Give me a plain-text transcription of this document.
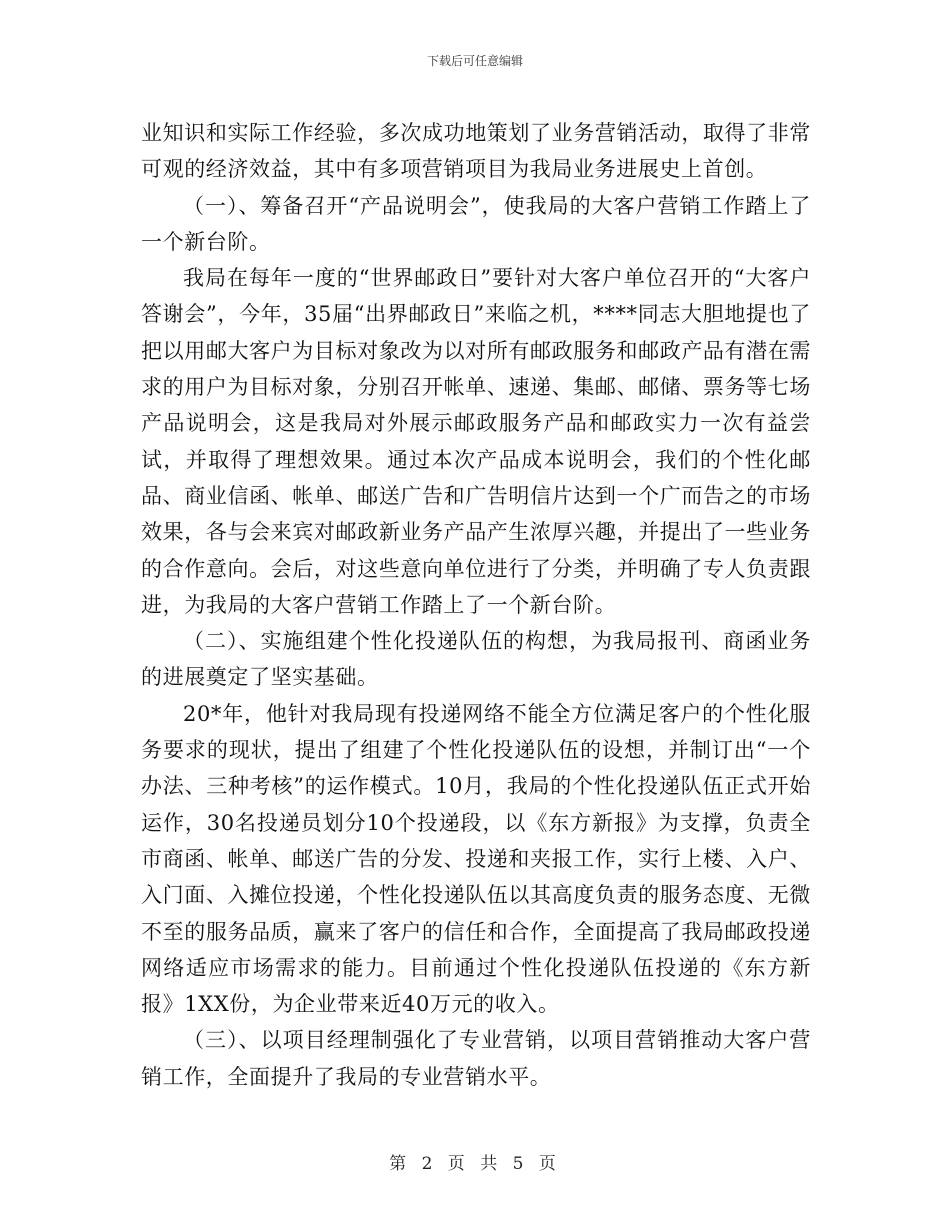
下载后可任意编辑

业知识和实际工作经验，多次成功地策划了业务营销活动，取得了非常可观的经济效益，其中有多项营销项目为我局业务进展史上首创。

（一）、筹备召开“产品说明会”，使我局的大客户营销工作踏上了一个新台阶。

我局在每年一度的“世界邮政日”要针对大客户单位召开的“大客户答谢会”，今年，35届“出界邮政日”来临之机，****同志大胆地提也了把以用邮大客户为目标对象改为以对所有邮政服务和邮政产品有潜在需求的用户为目标对象，分别召开帐单、速递、集邮、邮储、票务等七场产品说明会，这是我局对外展示邮政服务产品和邮政实力一次有益尝试，并取得了理想效果。通过本次产品成本说明会，我们的个性化邮品、商业信函、帐单、邮送广告和广告明信片达到一个广而告之的市场效果，各与会来宾对邮政新业务产品产生浓厚兴趣，并提出了一些业务的合作意向。会后，对这些意向单位进行了分类，并明确了专人负责跟进，为我局的大客户营销工作踏上了一个新台阶。

（二）、实施组建个性化投递队伍的构想，为我局报刊、商函业务的进展奠定了坚实基础。

20*年，他针对我局现有投递网络不能全方位满足客户的个性化服务要求的现状，提出了组建了个性化投递队伍的设想，并制订出“一个办法、三种考核”的运作模式。10月，我局的个性化投递队伍正式开始运作，30名投递员划分10个投递段，以《东方新报》为支撑，负责全市商函、帐单、邮送广告的分发、投递和夹报工作，实行上楼、入户、入门面、入摊位投递，个性化投递队伍以其高度负责的服务态度、无微不至的服务品质，赢来了客户的信任和合作，全面提高了我局邮政投递网络适应市场需求的能力。目前通过个性化投递队伍投递的《东方新报》1XX份，为企业带来近40万元的收入。

（三）、以项目经理制强化了专业营销，以项目营销推动大客户营销工作，全面提升了我局的专业营销水平。

第 2 页 共 5 页
